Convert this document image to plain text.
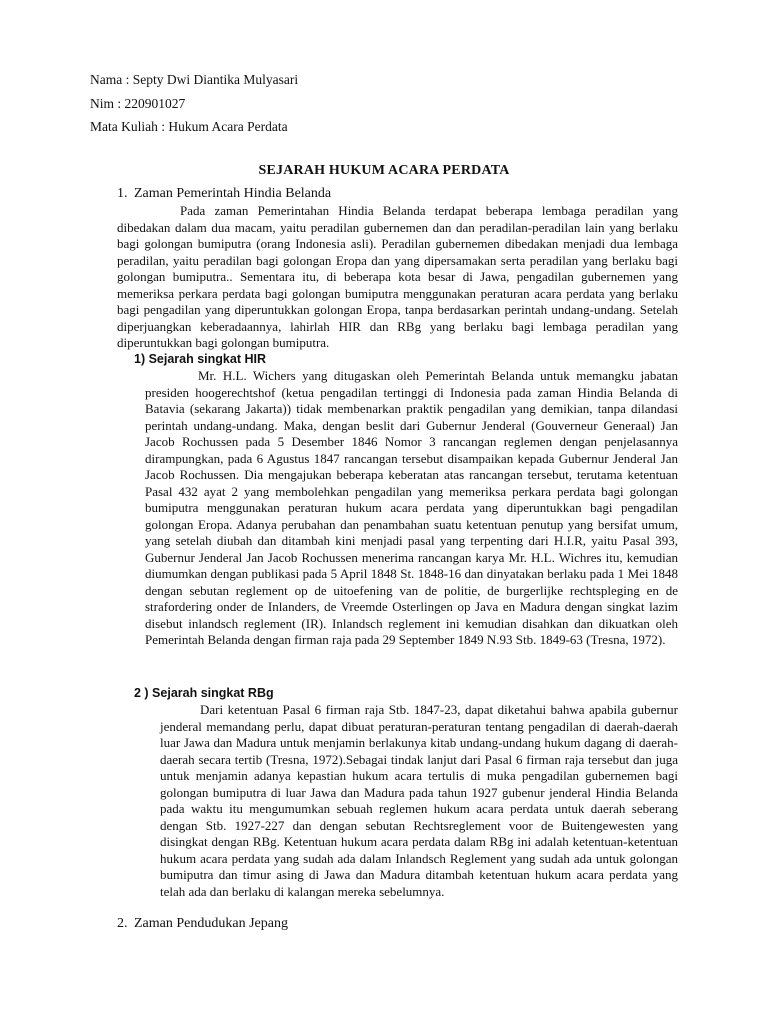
Nama : Septy Dwi Diantika Mulyasari
Nim : 220901027
Mata Kuliah : Hukum Acara Perdata
SEJARAH HUKUM ACARA PERDATA
1. Zaman Pemerintah Hindia Belanda

Pada zaman Pemerintahan Hindia Belanda terdapat beberapa lembaga peradilan yang dibedakan dalam dua macam, yaitu peradilan gubernemen dan dan peradilan-peradilan lain yang berlaku bagi golongan bumiputra (orang Indonesia asli). Peradilan gubernemen dibedakan menjadi dua lembaga peradilan, yaitu peradilan bagi golongan Eropa dan yang dipersamakan serta peradilan yang berlaku bagi golongan bumiputra.. Sementara itu, di beberapa kota besar di Jawa, pengadilan gubernemen yang memeriksa perkara perdata bagi golongan bumiputra menggunakan peraturan acara perdata yang berlaku bagi pengadilan yang diperuntukkan golongan Eropa, tanpa berdasarkan perintah undang-undang. Setelah diperjuangkan keberadaannya, lahirlah HIR dan RBg yang berlaku bagi lembaga peradilan yang diperuntukkan bagi golongan bumiputra.

1) Sejarah singkat HIR

Mr. H.L. Wichers yang ditugaskan oleh Pemerintah Belanda untuk memangku jabatan presiden hoogerechtshof (ketua pengadilan tertinggi di Indonesia pada zaman Hindia Belanda di Batavia (sekarang Jakarta)) tidak membenarkan praktik pengadilan yang demikian, tanpa dilandasi perintah undang-undang. Maka, dengan beslit dari Gubernur Jenderal (Gouverneur Generaal) Jan Jacob Rochussen pada 5 Desember 1846 Nomor 3 rancangan reglemen dengan penjelasannya dirampungkan, pada 6 Agustus 1847 rancangan tersebut disampaikan kepada Gubernur Jenderal Jan Jacob Rochussen. Dia mengajukan beberapa keberatan atas rancangan tersebut, terutama ketentuan Pasal 432 ayat 2 yang membolehkan pengadilan yang memeriksa perkara perdata bagi golongan bumiputra menggunakan peraturan hukum acara perdata yang diperuntukkan bagi pengadilan golongan Eropa. Adanya perubahan dan penambahan suatu ketentuan penutup yang bersifat umum, yang setelah diubah dan ditambah kini menjadi pasal yang terpenting dari H.I.R, yaitu Pasal 393, Gubernur Jenderal Jan Jacob Rochussen menerima rancangan karya Mr. H.L. Wichres itu, kemudian diumumkan dengan publikasi pada 5 April 1848 St. 1848-16 dan dinyatakan berlaku pada 1 Mei 1848 dengan sebutan reglement op de uitoefening van de politie, de burgerlijke rechtspleging en de strafordering onder de Inlanders, de Vreemde Osterlingen op Java en Madura dengan singkat lazim disebut inlandsch reglement (IR). Inlandsch reglement ini kemudian disahkan dan dikuatkan oleh Pemerintah Belanda dengan firman raja pada 29 September 1849 N.93 Stb. 1849-63 (Tresna, 1972).

2 ) Sejarah singkat RBg

Dari ketentuan Pasal 6 firman raja Stb. 1847-23, dapat diketahui bahwa apabila gubernur jenderal memandang perlu, dapat dibuat peraturan-peraturan tentang pengadilan di daerah-daerah luar Jawa dan Madura untuk menjamin berlakunya kitab undang-undang hukum dagang di daerah-daerah secara tertib (Tresna, 1972).Sebagai tindak lanjut dari Pasal 6 firman raja tersebut dan juga untuk menjamin adanya kepastian hukum acara tertulis di muka pengadilan gubernemen bagi golongan bumiputra di luar Jawa dan Madura pada tahun 1927 gubenur jenderal Hindia Belanda pada waktu itu mengumumkan sebuah reglemen hukum acara perdata untuk daerah seberang dengan Stb. 1927-227 dan dengan sebutan Rechtsreglement voor de Buitengewesten yang disingkat dengan RBg. Ketentuan hukum acara perdata dalam RBg ini adalah ketentuan-ketentuan hukum acara perdata yang sudah ada dalam Inlandsch Reglement yang sudah ada untuk golongan bumiputra dan timur asing di Jawa dan Madura ditambah ketentuan hukum acara perdata yang telah ada dan berlaku di kalangan mereka sebelumnya.

2. Zaman Pendudukan Jepang
